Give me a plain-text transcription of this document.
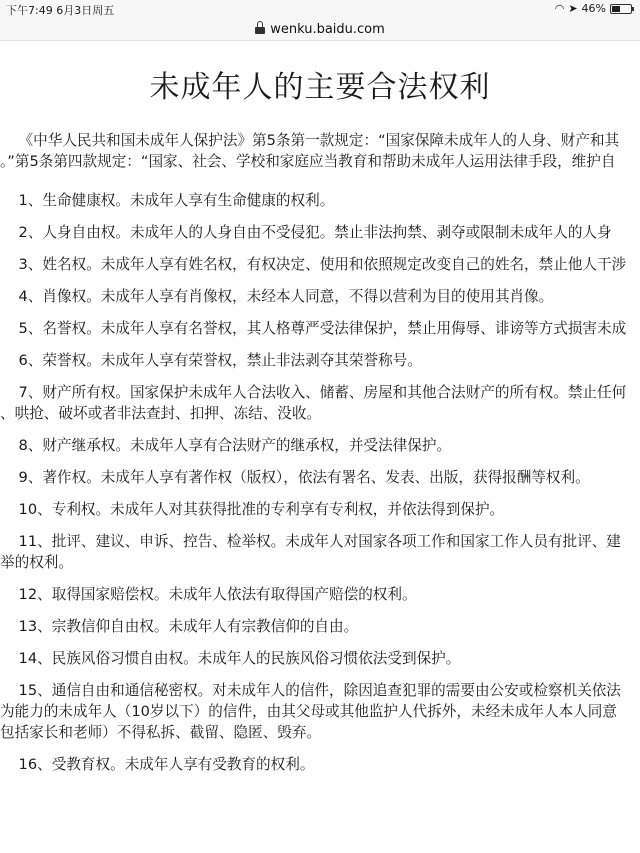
下午7:49 6月3日周五	◠ ➤ 46%
wenku.baidu.com
未成年人的主要合法权利
《中华人民共和国未成年人保护法》第5条第一款规定：“国家保障未成年人的人身、财产和其
。”第5条第四款规定：“国家、社会、学校和家庭应当教育和帮助未成年人运用法律手段，维护自
1、生命健康权。未成年人享有生命健康的权利。
2、人身自由权。未成年人的人身自由不受侵犯。禁止非法拘禁、剥夺或限制未成年人的人身
3、姓名权。未成年人享有姓名权，有权决定、使用和依照规定改变自己的姓名，禁止他人干涉
4、肖像权。未成年人享有肖像权，未经本人同意，不得以营利为目的使用其肖像。
5、名誉权。未成年人享有名誉权，其人格尊严受法律保护，禁止用侮辱、诽谤等方式损害未成
6、荣誉权。未成年人享有荣誉权，禁止非法剥夺其荣誉称号。
7、财产所有权。国家保护未成年人合法收入、储蓄、房屋和其他合法财产的所有权。禁止任何
、哄抢、破坏或者非法查封、扣押、冻结、没收。
8、财产继承权。未成年人享有合法财产的继承权，并受法律保护。
9、著作权。未成年人享有著作权（版权），依法有署名、发表、出版，获得报酬等权利。
10、专利权。未成年人对其获得批准的专利享有专利权，并依法得到保护。
11、批评、建议、申诉、控告、检举权。未成年人对国家各项工作和国家工作人员有批评、建
举的权利。
12、取得国家赔偿权。未成年人依法有取得国产赔偿的权利。
13、宗教信仰自由权。未成年人有宗教信仰的自由。
14、民族风俗习惯自由权。未成年人的民族风俗习惯依法受到保护。
15、通信自由和通信秘密权。对未成年人的信件，除因追查犯罪的需要由公安或检察机关依法
为能力的未成年人（10岁以下）的信件，由其父母或其他监护人代拆外，未经未成年人本人同意
包括家长和老师）不得私拆、截留、隐匿、毁弃。
16、受教育权。未成年人享有受教育的权利。
